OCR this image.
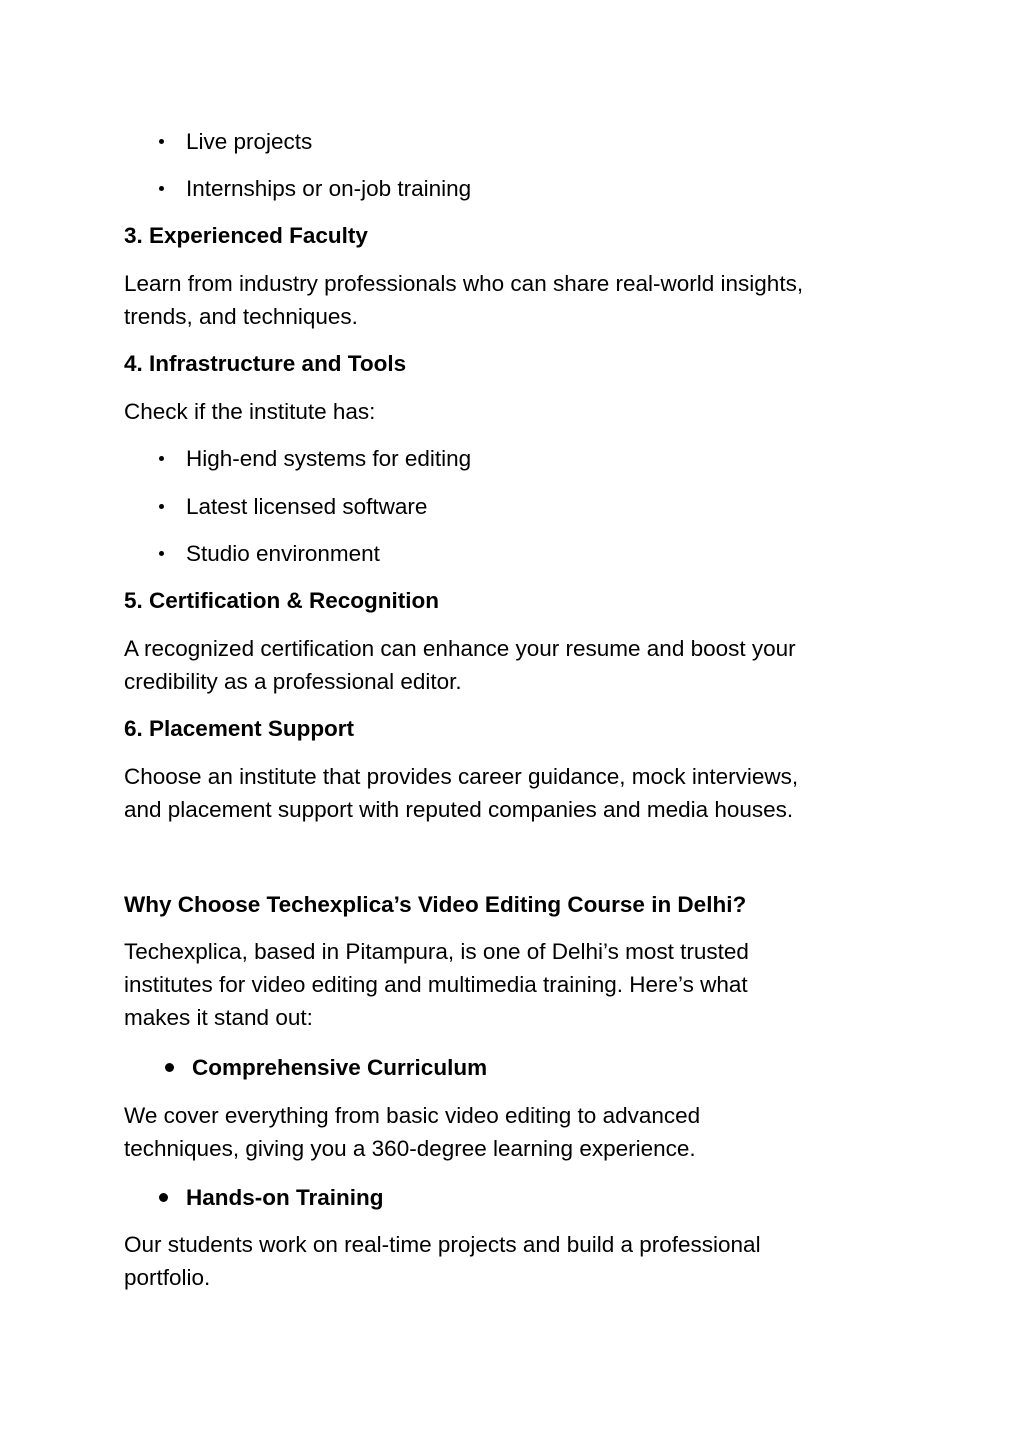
Live projects
Internships or on-job training
3. Experienced Faculty
Learn from industry professionals who can share real-world insights,
trends, and techniques.
4. Infrastructure and Tools
Check if the institute has:
High-end systems for editing
Latest licensed software
Studio environment
5. Certification & Recognition
A recognized certification can enhance your resume and boost your
credibility as a professional editor.
6. Placement Support
Choose an institute that provides career guidance, mock interviews,
and placement support with reputed companies and media houses.
Why Choose Techexplica’s Video Editing Course in Delhi?
Techexplica, based in Pitampura, is one of Delhi’s most trusted
institutes for video editing and multimedia training. Here’s what
makes it stand out:
Comprehensive Curriculum
We cover everything from basic video editing to advanced
techniques, giving you a 360-degree learning experience.
Hands-on Training
Our students work on real-time projects and build a professional
portfolio.
